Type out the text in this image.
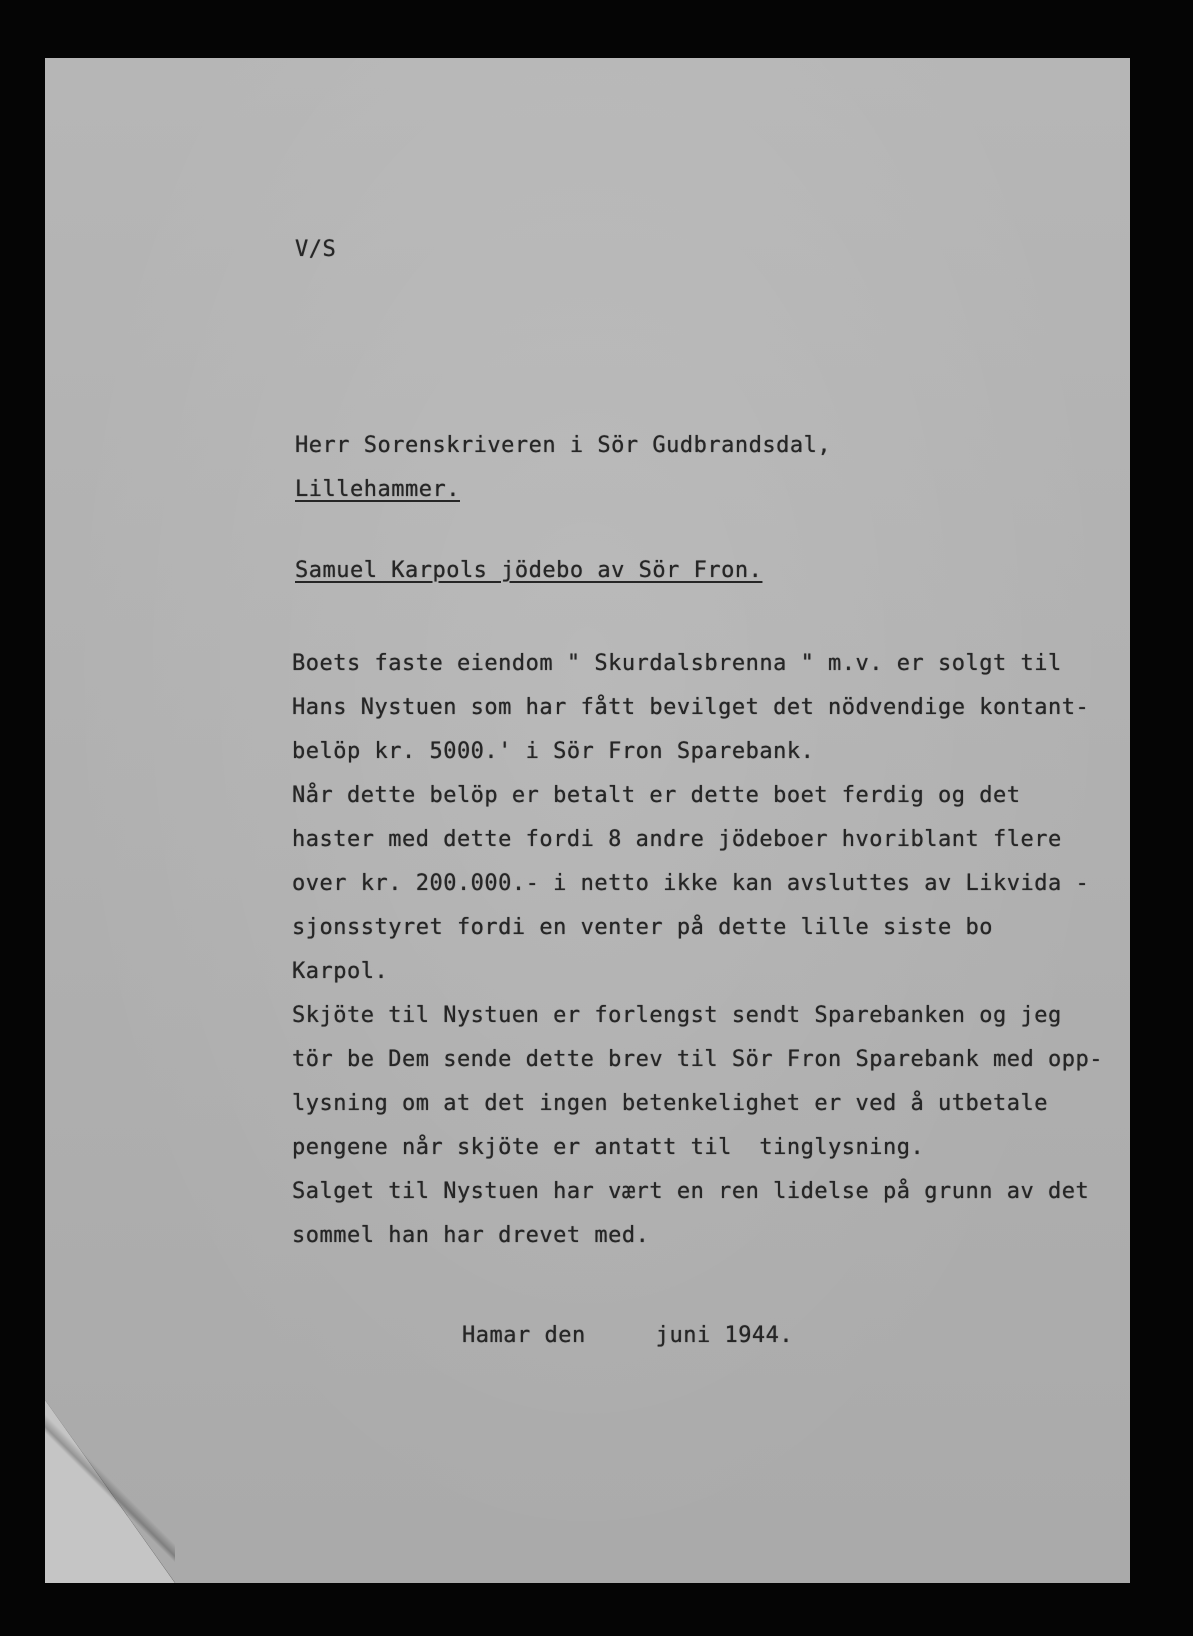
V/S
Herr Sorenskriveren i Sör Gudbrandsdal,
Lillehammer.
Samuel Karpols jödebo av Sör Fron.
Boets faste eiendom " Skurdalsbrenna " m.v. er solgt til
Hans Nystuen som har fått bevilget det nödvendige kontant-
belöp kr. 5000.' i Sör Fron Sparebank.
Når dette belöp er betalt er dette boet ferdig og det
haster med dette fordi 8 andre jödeboer hvoriblant flere
over kr. 200.000.- i netto ikke kan avsluttes av Likvida -
sjonsstyret fordi en venter på dette lille siste bo
Karpol.
Skjöte til Nystuen er forlengst sendt Sparebanken og jeg
tör be Dem sende dette brev til Sör Fron Sparebank med opp-
lysning om at det ingen betenkelighet er ved å utbetale
pengene når skjöte er antatt til  tinglysning.
Salget til Nystuen har vært en ren lidelse på grunn av det
sommel han har drevet med.
Hamar den	juni 1944.
